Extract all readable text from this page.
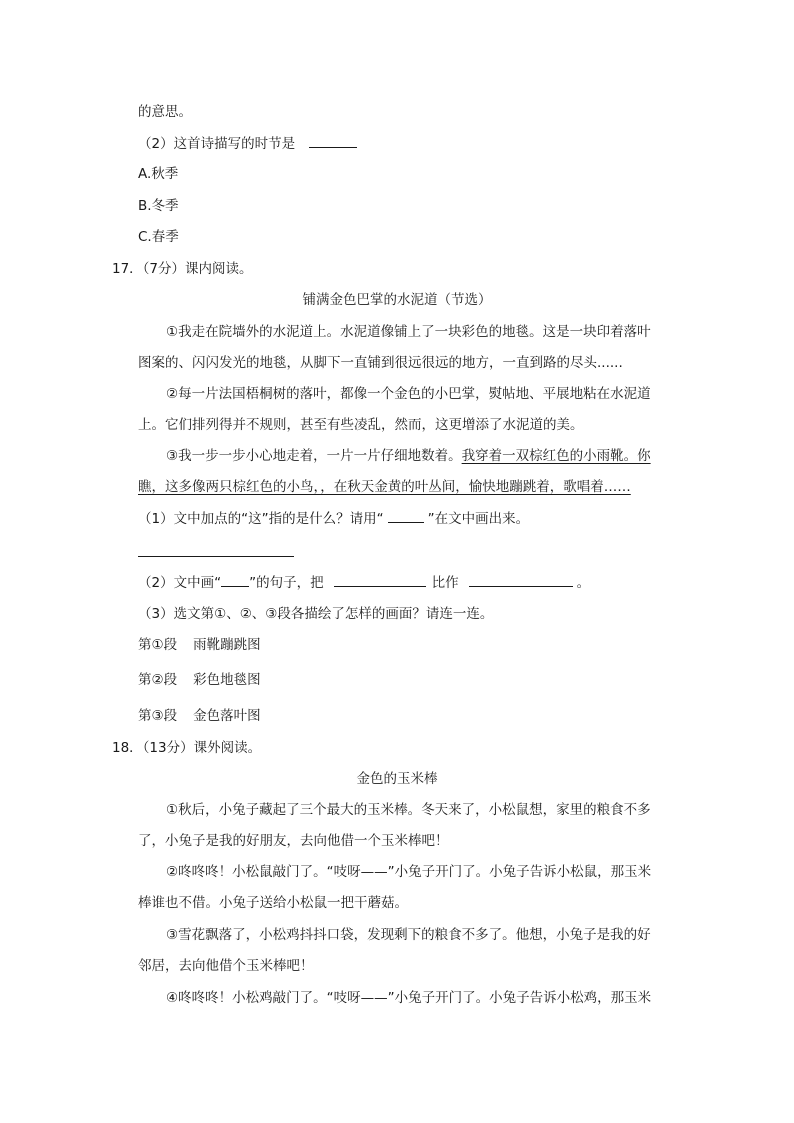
的意思。
（2）这首诗描写的时节是
A.秋季
B.冬季
C.春季
17．（7分）课内阅读。
铺满金色巴掌的水泥道（节选）
①我走在院墙外的水泥道上。水泥道像铺上了一块彩色的地毯。这是一块印着落叶
图案的、闪闪发光的地毯，从脚下一直铺到很远很远的地方，一直到路的尽头......
②每一片法国梧桐树的落叶，都像一个金色的小巴掌，熨帖地、平展地粘在水泥道
上。它们排列得并不规则，甚至有些凌乱，然而，这更增添了水泥道的美。
③我一步一步小心地走着，一片一片仔细地数着。我穿着一双棕红色的小雨靴。你
瞧，这多像两只棕红色的小鸟，，在秋天金黄的叶丛间，愉快地蹦跳着，歌唱着……
（1）文中加点的“这”指的是什么？请用“	”在文中画出来。
（2）文中画“ ”的句子，把	比作	。
（3）选文第①、②、③段各描绘了怎样的画面？请连一连。
第①段 雨靴蹦跳图
第②段 彩色地毯图
第③段 金色落叶图
18．（13分）课外阅读。
金色的玉米棒
①秋后，小兔子藏起了三个最大的玉米棒。冬天来了，小松鼠想，家里的粮食不多
了，小兔子是我的好朋友，去向他借一个玉米棒吧！
②咚咚咚！小松鼠敲门了。“吱呀——”小兔子开门了。小兔子告诉小松鼠，那玉米
棒谁也不借。小兔子送给小松鼠一把干蘑菇。
③雪花飘落了，小松鸡抖抖口袋，发现剩下的粮食不多了。他想，小兔子是我的好
邻居，去向他借个玉米棒吧！
④咚咚咚！小松鸡敲门了。“吱呀——”小兔子开门了。小兔子告诉小松鸡，那玉米
